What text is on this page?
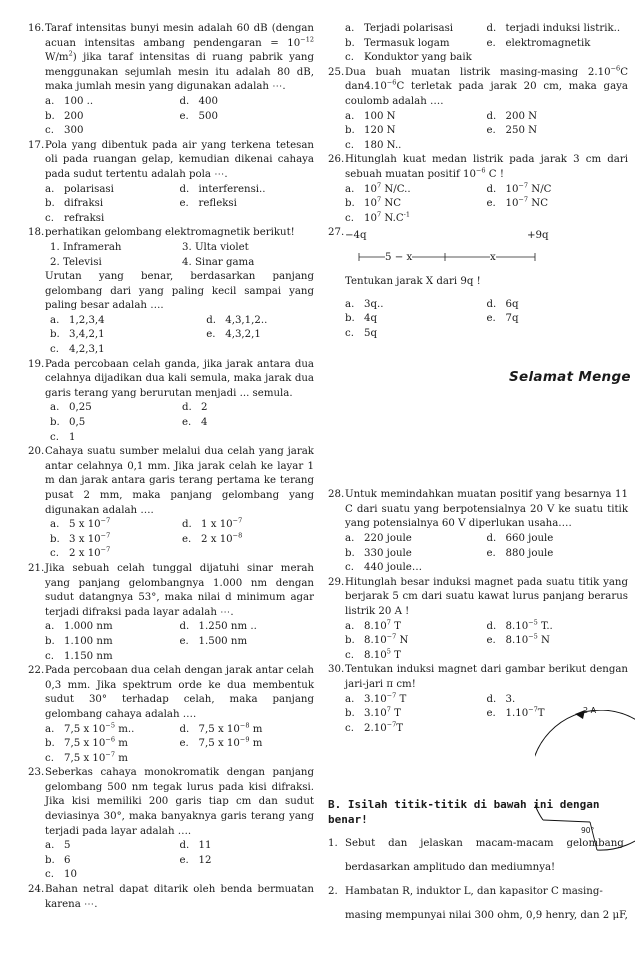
16. Taraf intensitas bunyi mesin adalah 60 dB (dengan acuan intensitas ambang pendengaran = $10^{-12}$ $W/m^2$) jika taraf intensitas di ruang pabrik yang menggunakan sejumlah mesin itu adalah 80 dB, maka jumlah mesin yang digunakan adalah ⋯.
a. 100 ..	d. 400
b. 200	e. 500
c. 300
17. Pola yang dibentuk pada air yang terkena tetesan oli pada ruangan gelap, kemudian dikenai cahaya pada sudut tertentu adalah pola ⋯.
a. polarisasi	d. interferensi..
b. difraksi	e. refleksi
c. refraksi
18. perhatikan gelombang elektromagnetik berikut!
1. Inframerah	3. Ulta violet
2. Televisi	4. Sinar gama
Urutan yang benar, berdasarkan panjang gelombang dari yang paling kecil sampai yang paling besar adalah ….
a. 1,2,3,4	d. 4,3,1,2..
b. 3,4,2,1	e. 4,3,2,1
c. 4,2,3,1
19. Pada percobaan celah ganda, jika jarak antara dua celahnya dijadikan dua kali semula, maka jarak dua garis terang yang berurutan menjadi ... semula.
a. 0,25	d. 2
b. 0,5	e. 4
c. 1
20. Cahaya suatu sumber melalui dua celah yang jarak antar celahnya 0,1 mm. Jika jarak celah ke layar 1 m dan jarak antara garis terang pertama ke terang pusat 2 mm, maka panjang gelombang yang digunakan adalah ….
a. 5 x $10^{-7}$	d. 1 x $10^{-7}$
b. 3 x $10^{-7}$	e. 2 x $10^{-8}$
c. 2 x $10^{-7}$
21. Jika sebuah celah tunggal dijatuhi sinar merah yang panjang gelombangnya 1.000 nm dengan sudut datangnya 53°, maka nilai d minimum agar terjadi difraksi pada layar adalah ⋯.
a. 1.000 nm	d. 1.250 nm ..
b. 1.100 nm	e. 1.500 nm
c. 1.150 nm
22. Pada percobaan dua celah dengan jarak antar celah 0,3 mm. Jika spektrum orde ke dua membentuk sudut 30° terhadap celah, maka panjang gelombang cahaya adalah ….
a. 7,5 x $10^{-5}$ m..	d. 7,5 x $10^{-8}$ m
b. 7,5 x $10^{-6}$ m	e. 7,5 x $10^{-9}$ m
c. 7,5 x $10^{-7}$ m
23. Seberkas cahaya monokromatik dengan panjang gelombang 500 nm tegak lurus pada kisi difraksi. Jika kisi memiliki 200 garis tiap cm dan sudut deviasinya 30°, maka banyaknya garis terang yang terjadi pada layar adalah ….
a. 5	d. 11
b. 6	e. 12
c. 10
24. Bahan netral dapat ditarik oleh benda bermuatan karena ⋯.
a. Terjadi polarisasi	d. terjadi induksi listrik..
b. Termasuk logam	e. elektromagnetik
c. Konduktor yang baik
25. Dua buah muatan listrik masing-masing $2.10^{-6}C$ $dan4.10^{-6}C$ terletak pada jarak 20 cm, maka gaya coulomb adalah ….
a. 100 N	d. 200 N
b. 120 N	e. 250 N
c. 180 N..
26. Hitunglah kuat medan listrik pada jarak 3 cm dari sebuah muatan positif $10^{-6}$ C !
a. $10^7$ N/C..	d. $10^{-7}$ N/C
b. $10^7$ NC	e. $10^{-7}$ NC
c. $10^7$ $N.C^{-1}$
27. −4q	+9q
5 − x	x
Tentukan jarak X dari 9q !
a. 3q..	d. 6q
b. 4q	e. 7q
c. 5q
28. Untuk memindahkan muatan positif yang besarnya 11 C dari suatu yang berpotensialnya 20 V ke suatu titik yang potensialnya 60 V diperlukan usaha….
a. 220 joule	d. 660 joule
b. 330 joule	e. 880 joule
c. 440 joule…
29. Hitunglah besar induksi magnet pada suatu titik yang berjarak 5 cm dari suatu kawat lurus panjang berarus listrik 20 A !
a. 8.10$^7$ T	d. $8.10^{-5}$ T..
b. $8.10^{-7}$ N	e. $8.10^{-5}$ N
c. 8.10$^5$ T
30. Tentukan induksi magnet dari gambar berikut dengan jari-jari π cm!
a. $3.10^{-7}$ T	d. 3.
b. 3.10$^7$ T	e. $1.10^{-7}T$
c. $2.10^{-7}T$
B. Isilah titik-titik di bawah ini dengan benar!
1. Sebut    dan    jelaskan    macam-macam    gelombang
berdasarkan amplitudo dan mediumnya!
2. Hambatan R, induktor L, dan kapasitor C masing-
masing mempunyai nilai 300 ohm, 0,9 henry, dan 2 μF,
Selamat Menge
2 A
90°
